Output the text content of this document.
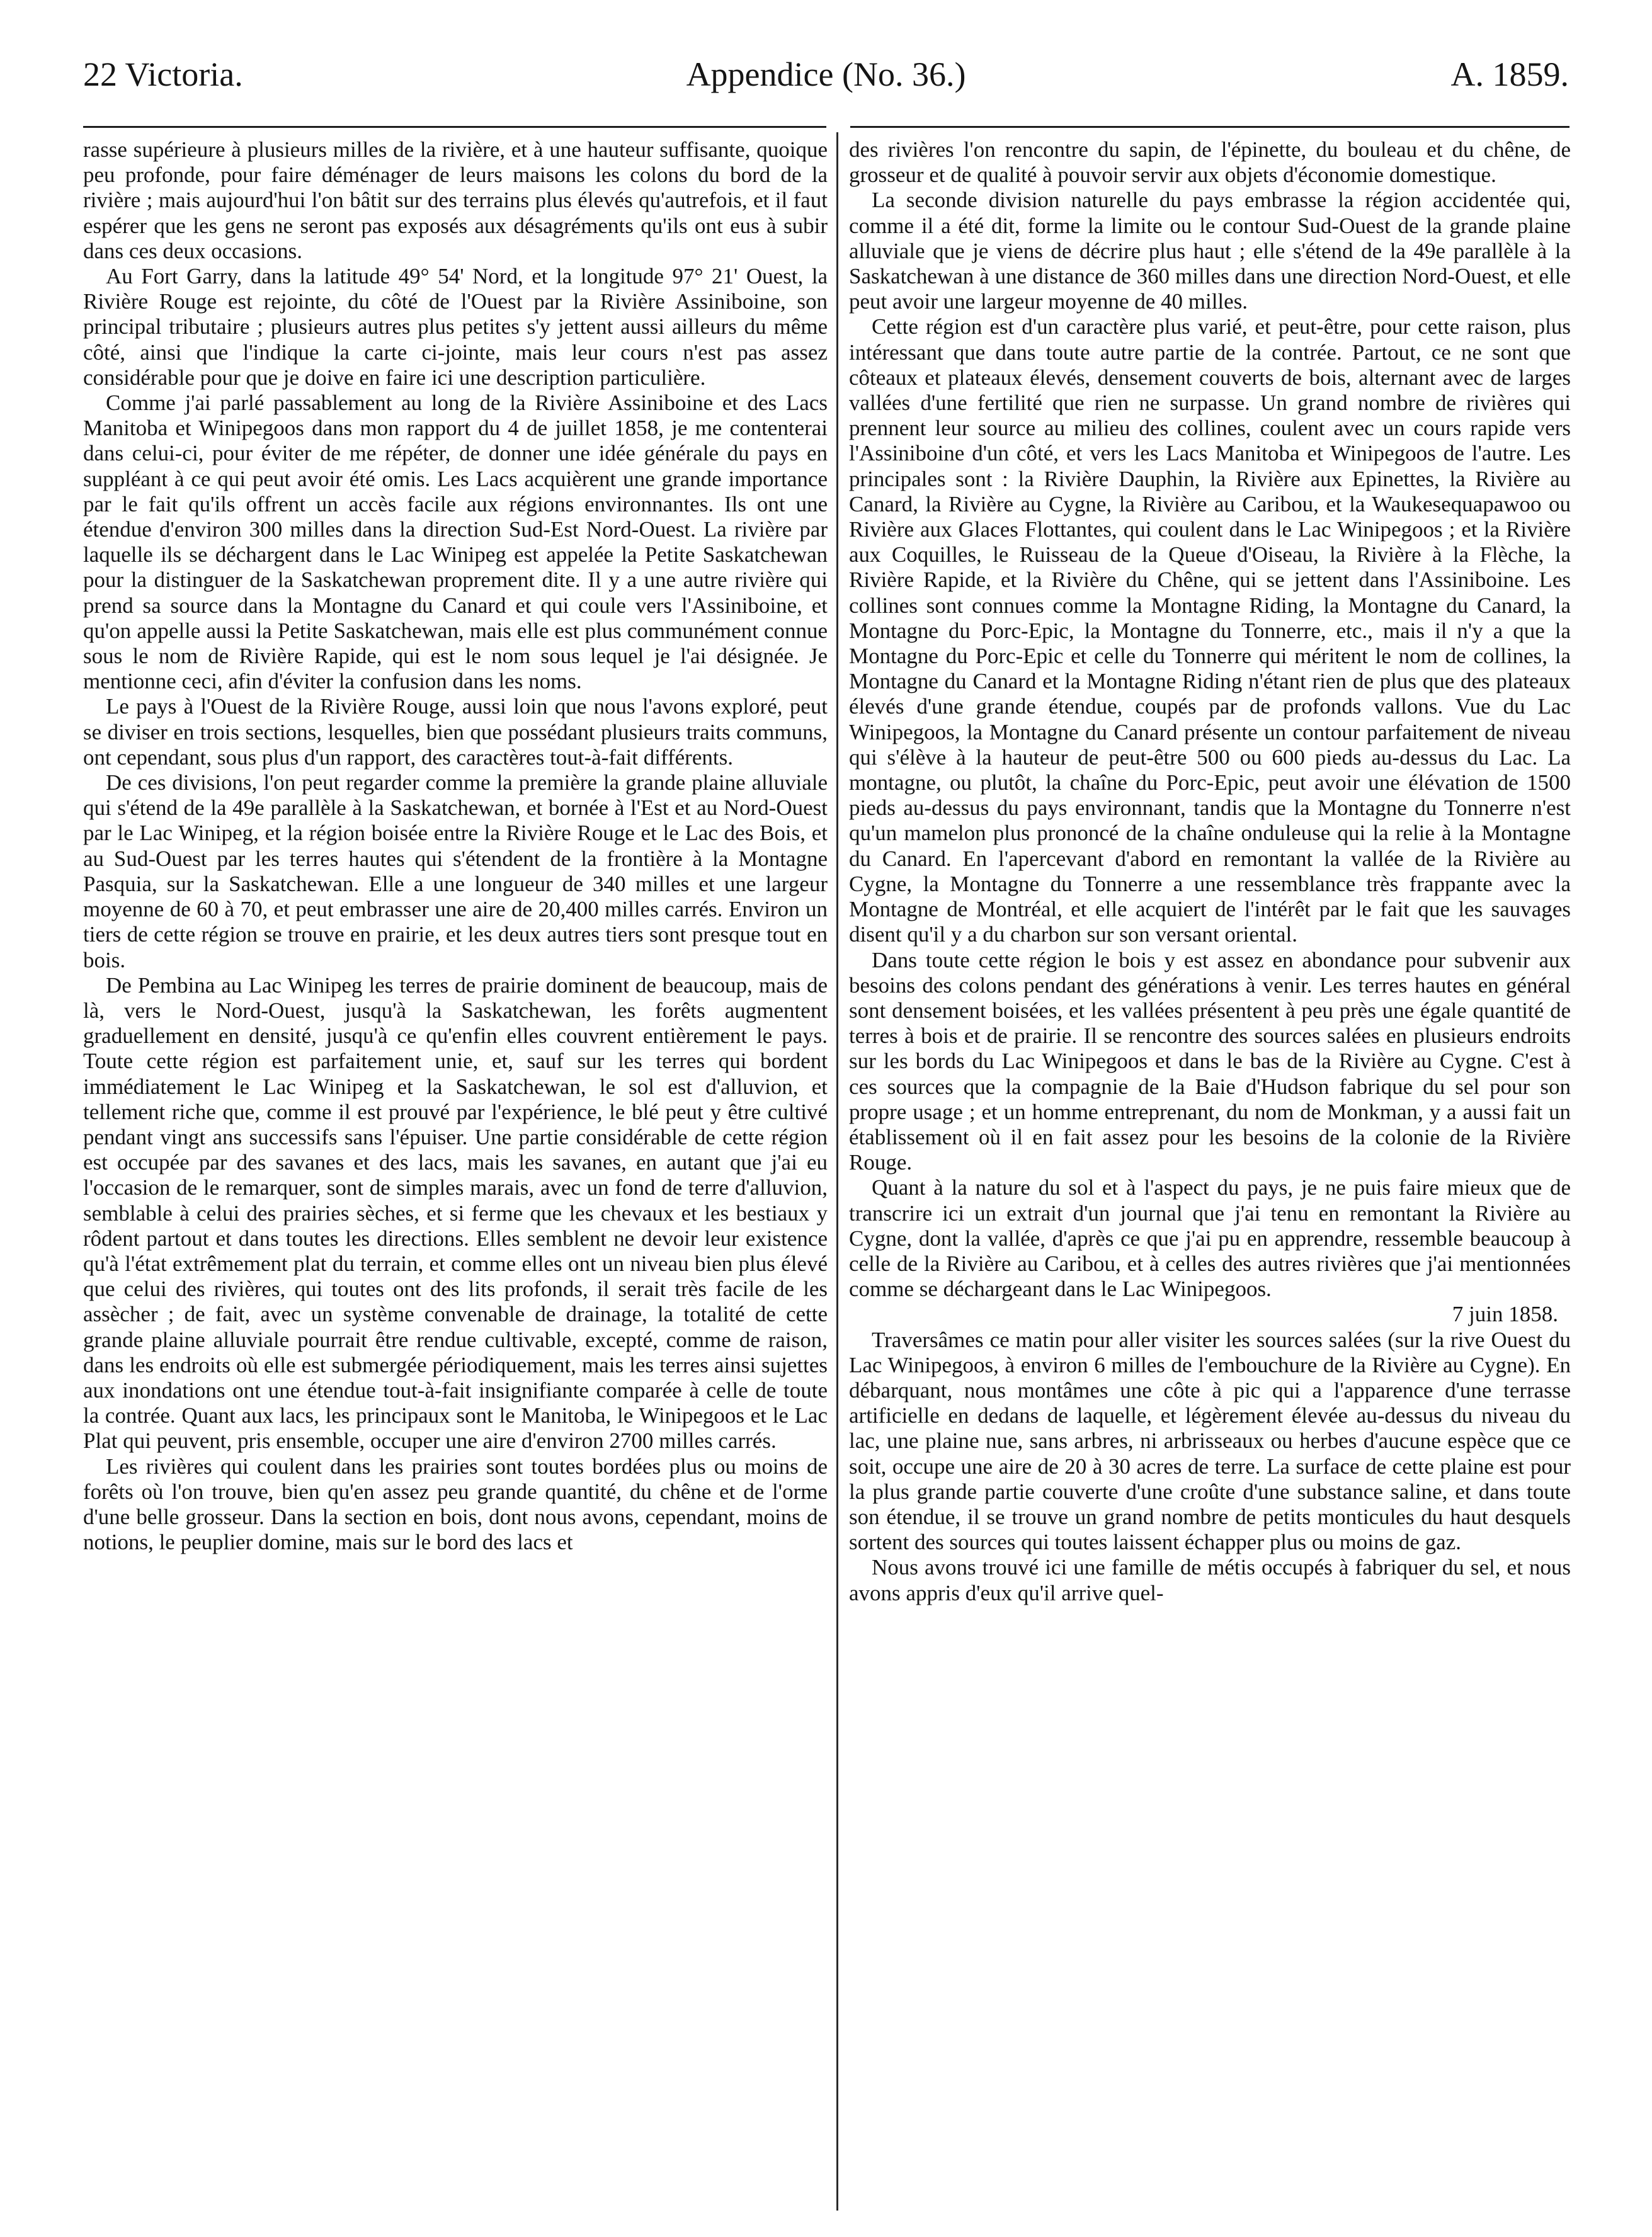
22 Victoria.	Appendice (No. 36.)	A. 1859.

rasse supérieure à plusieurs milles de la rivière, et à une hauteur suffisante, quoique peu profonde, pour faire déménager de leurs maisons les colons du bord de la rivière ; mais aujourd'hui l'on bâtit sur des terrains plus élevés qu'autrefois, et il faut espérer que les gens ne seront pas exposés aux désagréments qu'ils ont eus à subir dans ces deux occasions.

Au Fort Garry, dans la latitude 49° 54' Nord, et la longitude 97° 21' Ouest, la Rivière Rouge est rejointe, du côté de l'Ouest par la Rivière Assiniboine, son principal tributaire ; plusieurs autres plus petites s'y jettent aussi ailleurs du même côté, ainsi que l'indique la carte ci-jointe, mais leur cours n'est pas assez considérable pour que je doive en faire ici une description particulière.

Comme j'ai parlé passablement au long de la Rivière Assiniboine et des Lacs Manitoba et Winipegoos dans mon rapport du 4 de juillet 1858, je me contenterai dans celui-ci, pour éviter de me répéter, de donner une idée générale du pays en suppléant à ce qui peut avoir été omis. Les Lacs acquièrent une grande importance par le fait qu'ils offrent un accès facile aux régions environnantes. Ils ont une étendue d'environ 300 milles dans la direction Sud-Est Nord-Ouest. La rivière par laquelle ils se déchargent dans le Lac Winipeg est appelée la Petite Saskatchewan pour la distinguer de la Saskatchewan proprement dite. Il y a une autre rivière qui prend sa source dans la Montagne du Canard et qui coule vers l'Assiniboine, et qu'on appelle aussi la Petite Saskatchewan, mais elle est plus communément connue sous le nom de Rivière Rapide, qui est le nom sous lequel je l'ai désignée. Je mentionne ceci, afin d'éviter la confusion dans les noms.

Le pays à l'Ouest de la Rivière Rouge, aussi loin que nous l'avons exploré, peut se diviser en trois sections, lesquelles, bien que possédant plusieurs traits communs, ont cependant, sous plus d'un rapport, des caractères tout-à-fait différents.

De ces divisions, l'on peut regarder comme la première la grande plaine alluviale qui s'étend de la 49e parallèle à la Saskatchewan, et bornée à l'Est et au Nord-Ouest par le Lac Winipeg, et la région boisée entre la Rivière Rouge et le Lac des Bois, et au Sud-Ouest par les terres hautes qui s'étendent de la frontière à la Montagne Pasquia, sur la Saskatchewan. Elle a une longueur de 340 milles et une largeur moyenne de 60 à 70, et peut embrasser une aire de 20,400 milles carrés. Environ un tiers de cette région se trouve en prairie, et les deux autres tiers sont presque tout en bois.

De Pembina au Lac Winipeg les terres de prairie dominent de beaucoup, mais de là, vers le Nord-Ouest, jusqu'à la Saskatchewan, les forêts augmentent graduellement en densité, jusqu'à ce qu'enfin elles couvrent entièrement le pays. Toute cette région est parfaitement unie, et, sauf sur les terres qui bordent immédiatement le Lac Winipeg et la Saskatchewan, le sol est d'alluvion, et tellement riche que, comme il est prouvé par l'expérience, le blé peut y être cultivé pendant vingt ans successifs sans l'épuiser. Une partie considérable de cette région est occupée par des savanes et des lacs, mais les savanes, en autant que j'ai eu l'occasion de le remarquer, sont de simples marais, avec un fond de terre d'alluvion, semblable à celui des prairies sèches, et si ferme que les chevaux et les bestiaux y rôdent partout et dans toutes les directions. Elles semblent ne devoir leur existence qu'à l'état extrêmement plat du terrain, et comme elles ont un niveau bien plus élevé que celui des rivières, qui toutes ont des lits profonds, il serait très facile de les assècher ; de fait, avec un système convenable de drainage, la totalité de cette grande plaine alluviale pourrait être rendue cultivable, excepté, comme de raison, dans les endroits où elle est submergée périodiquement, mais les terres ainsi sujettes aux inondations ont une étendue tout-à-fait insignifiante comparée à celle de toute la contrée. Quant aux lacs, les principaux sont le Manitoba, le Winipegoos et le Lac Plat qui peuvent, pris ensemble, occuper une aire d'environ 2700 milles carrés.

Les rivières qui coulent dans les prairies sont toutes bordées plus ou moins de forêts où l'on trouve, bien qu'en assez peu grande quantité, du chêne et de l'orme d'une belle grosseur. Dans la section en bois, dont nous avons, cependant, moins de notions, le peuplier domine, mais sur le bord des lacs et

des rivières l'on rencontre du sapin, de l'épinette, du bouleau et du chêne, de grosseur et de qualité à pouvoir servir aux objets d'économie domestique.

La seconde division naturelle du pays embrasse la région accidentée qui, comme il a été dit, forme la limite ou le contour Sud-Ouest de la grande plaine alluviale que je viens de décrire plus haut ; elle s'étend de la 49e parallèle à la Saskatchewan à une distance de 360 milles dans une direction Nord-Ouest, et elle peut avoir une largeur moyenne de 40 milles.

Cette région est d'un caractère plus varié, et peut-être, pour cette raison, plus intéressant que dans toute autre partie de la contrée. Partout, ce ne sont que côteaux et plateaux élevés, densement couverts de bois, alternant avec de larges vallées d'une fertilité que rien ne surpasse. Un grand nombre de rivières qui prennent leur source au milieu des collines, coulent avec un cours rapide vers l'Assiniboine d'un côté, et vers les Lacs Manitoba et Winipegoos de l'autre. Les principales sont : la Rivière Dauphin, la Rivière aux Epinettes, la Rivière au Canard, la Rivière au Cygne, la Rivière au Caribou, et la Waukesequapawoo ou Rivière aux Glaces Flottantes, qui coulent dans le Lac Winipegoos ; et la Rivière aux Coquilles, le Ruisseau de la Queue d'Oiseau, la Rivière à la Flèche, la Rivière Rapide, et la Rivière du Chêne, qui se jettent dans l'Assiniboine. Les collines sont connues comme la Montagne Riding, la Montagne du Canard, la Montagne du Porc-Epic, la Montagne du Tonnerre, etc., mais il n'y a que la Montagne du Porc-Epic et celle du Tonnerre qui méritent le nom de collines, la Montagne du Canard et la Montagne Riding n'étant rien de plus que des plateaux élevés d'une grande étendue, coupés par de profonds vallons. Vue du Lac Winipegoos, la Montagne du Canard présente un contour parfaitement de niveau qui s'élève à la hauteur de peut-être 500 ou 600 pieds au-dessus du Lac. La montagne, ou plutôt, la chaîne du Porc-Epic, peut avoir une élévation de 1500 pieds au-dessus du pays environnant, tandis que la Montagne du Tonnerre n'est qu'un mamelon plus prononcé de la chaîne onduleuse qui la relie à la Montagne du Canard. En l'apercevant d'abord en remontant la vallée de la Rivière au Cygne, la Montagne du Tonnerre a une ressemblance très frappante avec la Montagne de Montréal, et elle acquiert de l'intérêt par le fait que les sauvages disent qu'il y a du charbon sur son versant oriental.

Dans toute cette région le bois y est assez en abondance pour subvenir aux besoins des colons pendant des générations à venir. Les terres hautes en général sont densement boisées, et les vallées présentent à peu près une égale quantité de terres à bois et de prairie. Il se rencontre des sources salées en plusieurs endroits sur les bords du Lac Winipegoos et dans le bas de la Rivière au Cygne. C'est à ces sources que la compagnie de la Baie d'Hudson fabrique du sel pour son propre usage ; et un homme entreprenant, du nom de Monkman, y a aussi fait un établissement où il en fait assez pour les besoins de la colonie de la Rivière Rouge.

Quant à la nature du sol et à l'aspect du pays, je ne puis faire mieux que de transcrire ici un extrait d'un journal que j'ai tenu en remontant la Rivière au Cygne, dont la vallée, d'après ce que j'ai pu en apprendre, ressemble beaucoup à celle de la Rivière au Caribou, et à celles des autres rivières que j'ai mentionnées comme se déchargeant dans le Lac Winipegoos.

7 juin 1858.

Traversâmes ce matin pour aller visiter les sources salées (sur la rive Ouest du Lac Winipegoos, à environ 6 milles de l'embouchure de la Rivière au Cygne). En débarquant, nous montâmes une côte à pic qui a l'apparence d'une terrasse artificielle en dedans de laquelle, et légèrement élevée au-dessus du niveau du lac, une plaine nue, sans arbres, ni arbrisseaux ou herbes d'aucune espèce que ce soit, occupe une aire de 20 à 30 acres de terre. La surface de cette plaine est pour la plus grande partie couverte d'une croûte d'une substance saline, et dans toute son étendue, il se trouve un grand nombre de petits monticules du haut desquels sortent des sources qui toutes laissent échapper plus ou moins de gaz.

Nous avons trouvé ici une famille de métis occupés à fabriquer du sel, et nous avons appris d'eux qu'il arrive quel-
